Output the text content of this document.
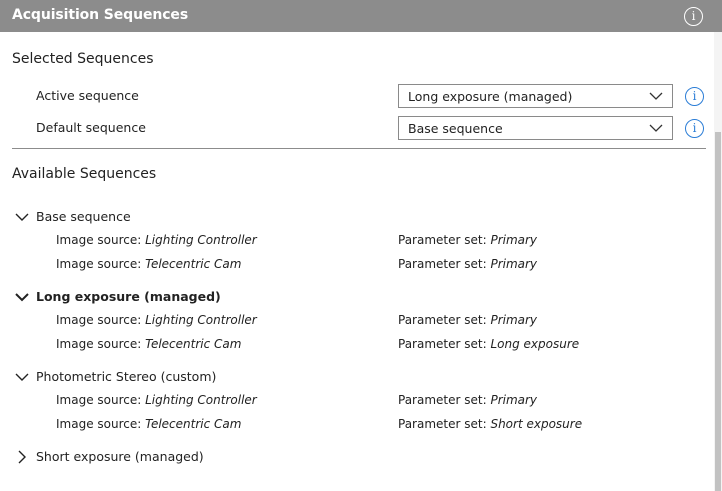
Acquisition Sequences	i
Selected Sequences
Active sequence	Long exposure (managed)	i
Default sequence	Base sequence	i
Available Sequences
Base sequence
Image source: Lighting Controller	Parameter set: Primary
Image source: Telecentric Cam	Parameter set: Primary
Long exposure (managed)
Image source: Lighting Controller	Parameter set: Primary
Image source: Telecentric Cam	Parameter set: Long exposure
Photometric Stereo (custom)
Image source: Lighting Controller	Parameter set: Primary
Image source: Telecentric Cam	Parameter set: Short exposure
Short exposure (managed)
